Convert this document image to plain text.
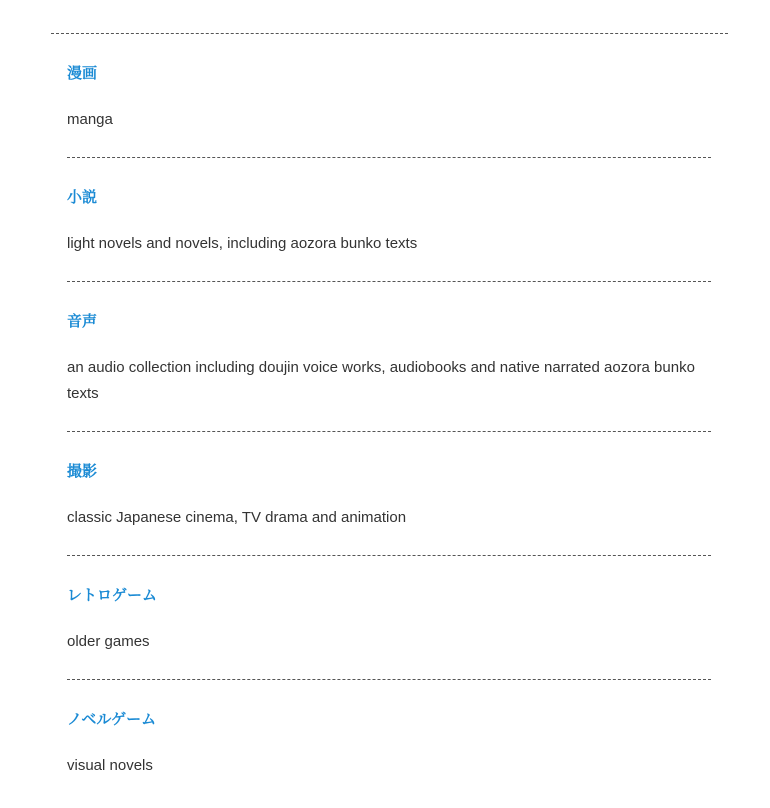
漫画

manga

小説

light novels and novels, including aozora bunko texts

音声

an audio collection including doujin voice works, audiobooks and native narrated aozora bunko texts

撮影

classic Japanese cinema, TV drama and animation

レトロゲーム

older games

ノベルゲーム

visual novels
